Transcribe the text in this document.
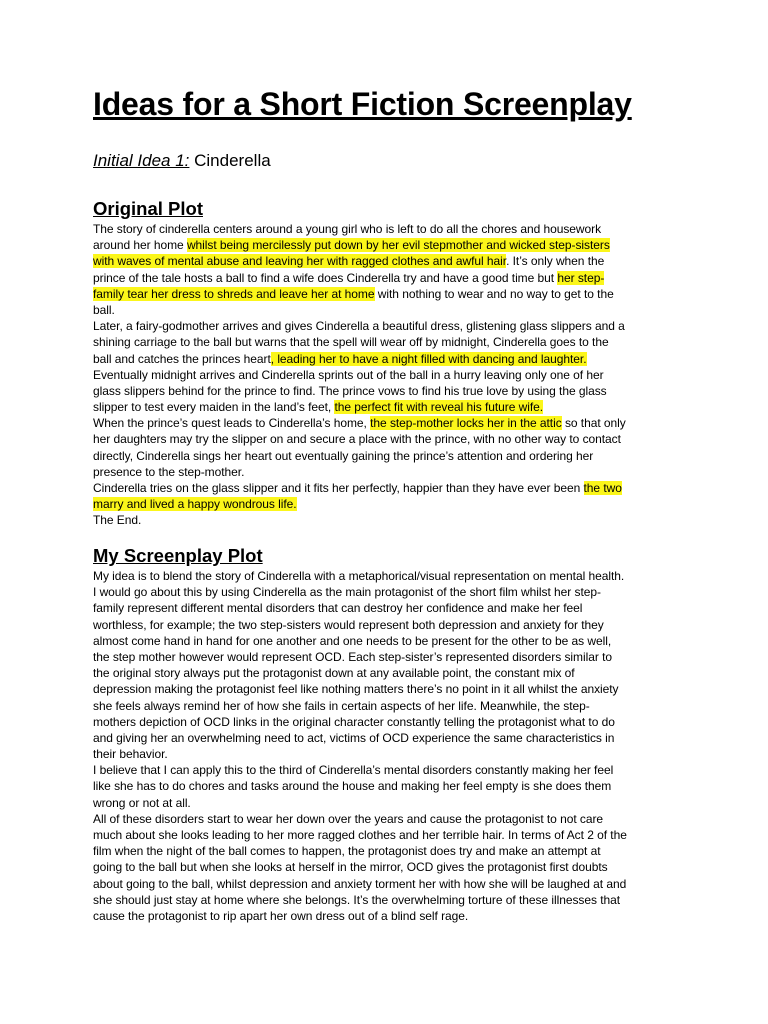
Ideas for a Short Fiction Screenplay
Initial Idea 1: Cinderella
Original Plot
The story of cinderella centers around a young girl who is left to do all the chores and housework
around her home whilst being mercilessly put down by her evil stepmother and wicked step-sisters
with waves of mental abuse and leaving her with ragged clothes and awful hair. It’s only when the
prince of the tale hosts a ball to find a wife does Cinderella try and have a good time but her step-
family tear her dress to shreds and leave her at home with nothing to wear and no way to get to the
ball.
Later, a fairy-godmother arrives and gives Cinderella a beautiful dress, glistening glass slippers and a
shining carriage to the ball but warns that the spell will wear off by midnight, Cinderella goes to the
ball and catches the princes heart, leading her to have a night filled with dancing and laughter.
Eventually midnight arrives and Cinderella sprints out of the ball in a hurry leaving only one of her
glass slippers behind for the prince to find. The prince vows to find his true love by using the glass
slipper to test every maiden in the land’s feet, the perfect fit with reveal his future wife.
When the prince’s quest leads to Cinderella’s home, the step-mother locks her in the attic so that only
her daughters may try the slipper on and secure a place with the prince, with no other way to contact
directly, Cinderella sings her heart out eventually gaining the prince’s attention and ordering her
presence to the step-mother.
Cinderella tries on the glass slipper and it fits her perfectly, happier than they have ever been the two
marry and lived a happy wondrous life.
The End.
My Screenplay Plot
My idea is to blend the story of Cinderella with a metaphorical/visual representation on mental health.
I would go about this by using Cinderella as the main protagonist of the short film whilst her step-
family represent different mental disorders that can destroy her confidence and make her feel
worthless, for example; the two step-sisters would represent both depression and anxiety for they
almost come hand in hand for one another and one needs to be present for the other to be as well,
the step mother however would represent OCD. Each step-sister’s represented disorders similar to
the original story always put the protagonist down at any available point, the constant mix of
depression making the protagonist feel like nothing matters there’s no point in it all whilst the anxiety
she feels always remind her of how she fails in certain aspects of her life. Meanwhile, the step-
mothers depiction of OCD links in the original character constantly telling the protagonist what to do
and giving her an overwhelming need to act, victims of OCD experience the same characteristics in
their behavior.
I believe that I can apply this to the third of Cinderella’s mental disorders constantly making her feel
like she has to do chores and tasks around the house and making her feel empty is she does them
wrong or not at all.
All of these disorders start to wear her down over the years and cause the protagonist to not care
much about she looks leading to her more ragged clothes and her terrible hair. In terms of Act 2 of the
film when the night of the ball comes to happen, the protagonist does try and make an attempt at
going to the ball but when she looks at herself in the mirror, OCD gives the protagonist first doubts
about going to the ball, whilst depression and anxiety torment her with how she will be laughed at and
she should just stay at home where she belongs. It’s the overwhelming torture of these illnesses that
cause the protagonist to rip apart her own dress out of a blind self rage.
